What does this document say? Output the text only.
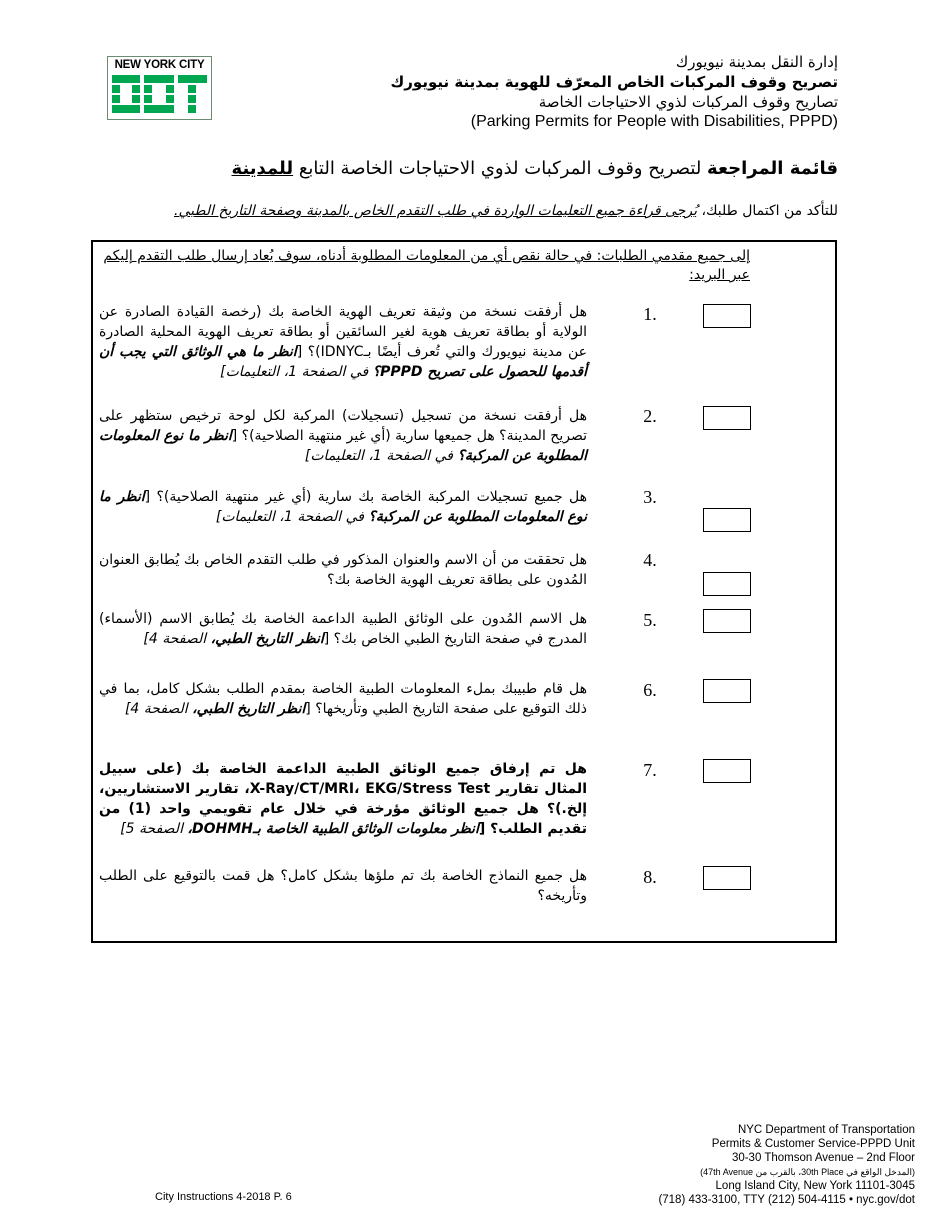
NEW YORK CITY	إدارة النقل بمدينة نيويورك
تصريح وقوف المركبات الخاص المعرّف للهوية بمدينة نيويورك
تصاريح وقوف المركبات لذوي الاحتياجات الخاصة
(Parking Permits for People with Disabilities, PPPD)
قائمة المراجعة لتصريح وقوف المركبات لذوي الاحتياجات الخاصة التابع للمدينة
للتأكد من اكتمال طلبك، يُرجى قراءة جميع التعليمات الواردة في طلب التقدم الخاص بالمدينة وصفحة التاريخ الطبي.
إلى جميع مقدمي الطلبات: في حالة نقص أي من المعلومات المطلوبة أدناه، سوف يُعاد إرسال طلب التقدم إليكم عبر البريد:
هل أرفقت نسخة من وثيقة تعريف الهوية الخاصة بك (رخصة القيادة الصادرة عن الولاية أو بطاقة تعريف هوية لغير السائقين أو بطاقة تعريف الهوية المحلية الصادرة عن مدينة نيويورك والتي تُعرف أيضًا بـIDNYC)؟ [انظر ما هي الوثائق التي يجب أن أقدمها للحصول على تصريح PPPD؟ في الصفحة 1، التعليمات]
1.
هل أرفقت نسخة من تسجيل (تسجيلات) المركبة لكل لوحة ترخيص ستظهر على تصريح المدينة؟ هل جميعها سارية (أي غير منتهية الصلاحية)؟ [انظر ما نوع المعلومات المطلوبة عن المركبة؟ في الصفحة 1، التعليمات]
2.
هل جميع تسجيلات المركبة الخاصة بك سارية (أي غير منتهية الصلاحية)؟ [انظر ما نوع المعلومات المطلوبة عن المركبة؟ في الصفحة 1، التعليمات]
3.
هل تحققت من أن الاسم والعنوان المذكور في طلب التقدم الخاص بك يُطابق العنوان المُدون على بطاقة تعريف الهوية الخاصة بك؟
4.
هل الاسم المُدون على الوثائق الطبية الداعمة الخاصة بك يُطابق الاسم (الأسماء) المدرج في صفحة التاريخ الطبي الخاص بك؟ [انظر التاريخ الطبي، الصفحة 4]
5.
هل قام طبيبك بملء المعلومات الطبية الخاصة بمقدم الطلب بشكل كامل، بما في ذلك التوقيع على صفحة التاريخ الطبي وتأريخها؟ [انظر التاريخ الطبي، الصفحة 4]
6.
هل تم إرفاق جميع الوثائق الطبية الداعمة الخاصة بك (على سبيل المثال تقارير X-Ray/CT/MRI، EKG/Stress Test، تقارير الاستشاريين، إلخ.)؟ هل جميع الوثائق مؤرخة في خلال عام تقويمي واحد (1) من تقديم الطلب؟ [انظر معلومات الوثائق الطبية الخاصة بـDOHMH، الصفحة 5]
7.
هل جميع النماذج الخاصة بك تم ملؤها بشكل كامل؟ هل قمت بالتوقيع على الطلب وتأريخه؟
8.
City Instructions 4-2018 P. 6
NYC Department of Transportation
Permits & Customer Service-PPPD Unit
30-30 Thomson Avenue – 2nd Floor
(المدخل الواقع في 30th Place، بالقرب من 47th Avenue)
Long Island City, New York 11101-3045
(718) 433-3100, TTY (212) 504-4115 • nyc.gov/dot
